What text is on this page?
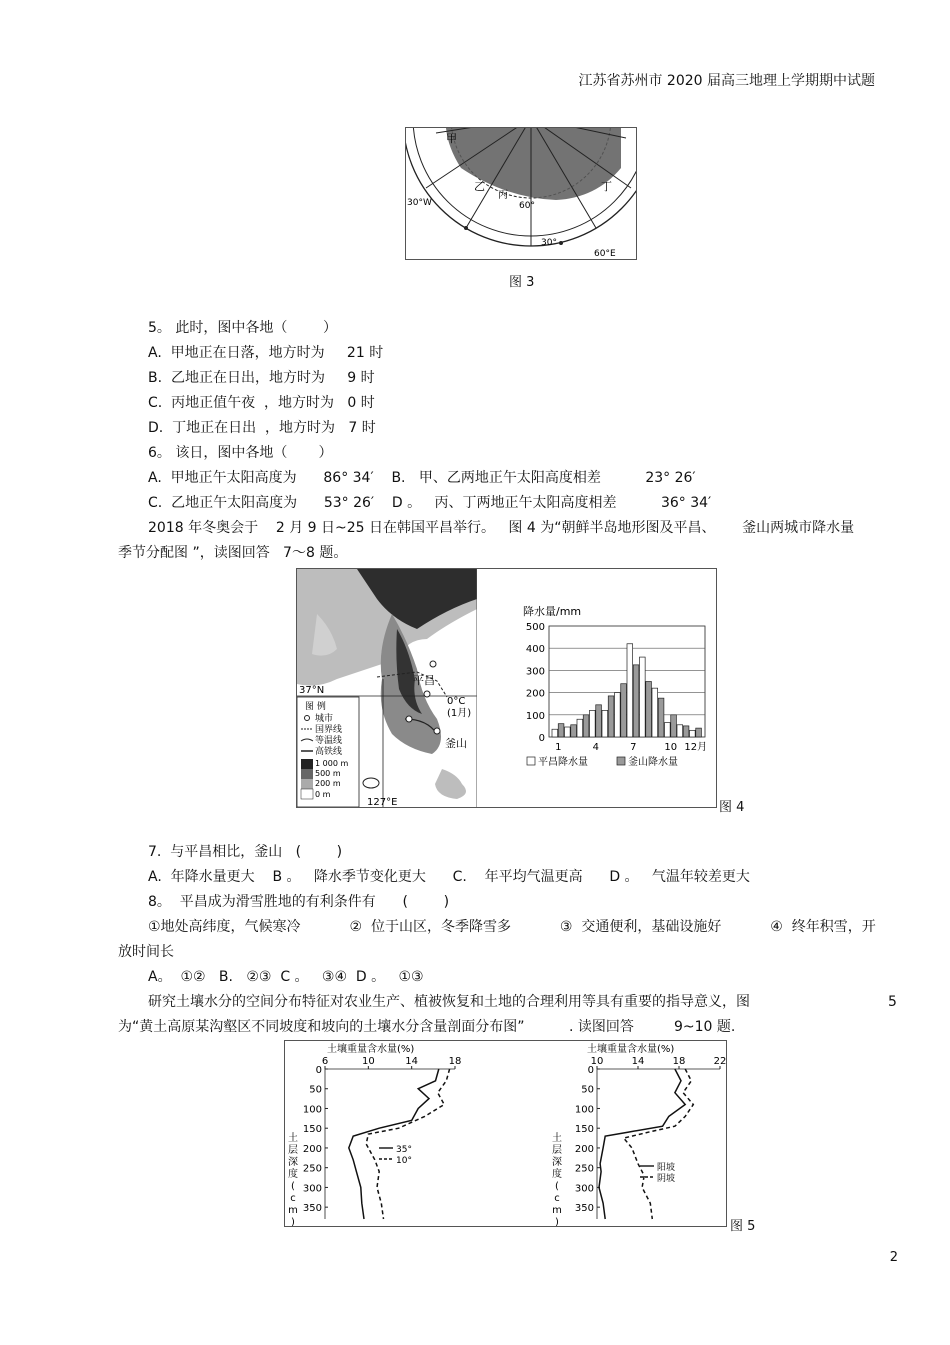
江苏省苏州市 2020 届高三地理上学期期中试题
甲
乙
丙
丁
60°
30°
30°W
60°E
图 3
5。 此时，图中各地（        ）
A.  甲地正在日落，地方时为     21 时
B.  乙地正在日出，地方时为     9 时
C.  丙地正值午夜  ，地方时为   0 时
D.  丁地正在日出  ，地方时为   7 时
6。 该日，图中各地（       ）
A.  甲地正午太阳高度为      86° 34′    B.   甲、乙两地正午太阳高度相差          23° 26′
C.  乙地正午太阳高度为      53° 26′    D 。   丙、丁两地正午太阳高度相差          36° 34′
2018 年冬奥会于    2 月 9 日~25 日在韩国平昌举行。   图 4 为“朝鲜半岛地形图及平昌、      釜山两城市降水量
季节分配图 ”，读图回答   7～8 题。
图 例
城市
国界线
等温线
高铁线
1 000 m
500 m
200 m
0 m
37°N
127°E
平昌
釜山
0°C
(1月)
降水量/mm
0
100
200
300
400
500
1	4	7	10 12月
平昌降水量	釜山降水量
图 4
7.  与平昌相比，釜山   (        )
A.  年降水量更大    B 。   降水季节变化更大      C.    年平均气温更高      D 。   气温年较差更大
8。  平昌成为滑雪胜地的有利条件有      (        )
①地处高纬度，气候寒冷           ②  位于山区，冬季降雪多           ③  交通便利，基础设施好           ④  终年积雪，开
放时间长
A。  ①②   B.   ②③  C 。   ③④  D 。   ①③
研究土壤水分的空间分布特征对农业生产、植被恢复和土地的合理利用等具有重要的指导意义，图	5
为“黄土高原某沟壑区不同坡度和坡向的土壤水分含量剖面分布图”          . 读图回答         9~10 题.
土壤重量含水量(%)
6	10	14	18
0
50
100
150
200
250
300
350
土
层
深
度
(
c
m
)
35°
10°
土壤重量含水量(%)
10	14	18	22
0
50
100
150
200
250
300
350
土
层
深
度
(
c
m
)
阳坡
阴坡
图 5
2
